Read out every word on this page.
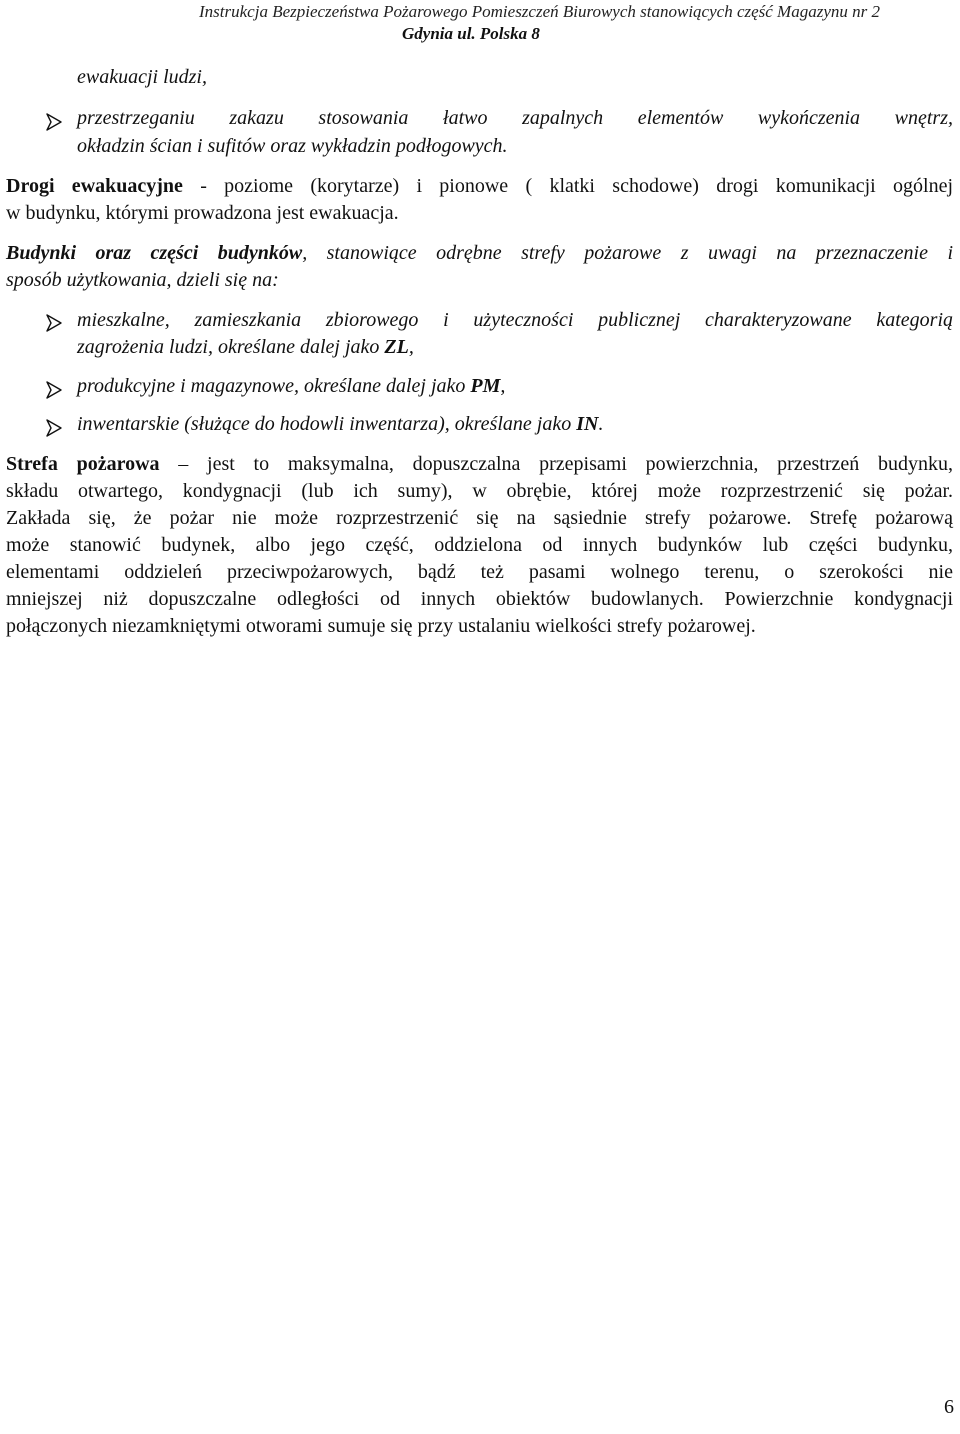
Instrukcja Bezpieczeństwa Pożarowego Pomieszczeń Biurowych stanowiących część Magazynu nr 2
Gdynia ul. Polska 8
ewakuacji ludzi,
przestrzeganiu zakazu stosowania łatwo zapalnych elementów wykończenia wnętrz,
okładzin ścian i sufitów oraz wykładzin podłogowych.
Drogi ewakuacyjne - poziome (korytarze) i pionowe ( klatki schodowe) drogi komunikacji ogólnej
w budynku, którymi prowadzona jest ewakuacja.
Budynki oraz części budynków, stanowiące odrębne strefy pożarowe z uwagi na przeznaczenie i
sposób użytkowania, dzieli się na:
mieszkalne, zamieszkania zbiorowego i użyteczności publicznej charakteryzowane kategorią
zagrożenia ludzi, określane dalej jako ZL,
produkcyjne i magazynowe, określane dalej jako PM,
inwentarskie (służące do hodowli inwentarza), określane jako IN.
Strefa pożarowa – jest to maksymalna, dopuszczalna przepisami powierzchnia, przestrzeń budynku,
składu otwartego, kondygnacji (lub ich sumy), w obrębie, której może rozprzestrzenić się pożar.
Zakłada się, że pożar nie może rozprzestrzenić się na sąsiednie strefy pożarowe. Strefę pożarową
może stanowić budynek, albo jego część, oddzielona od innych budynków lub części budynku,
elementami oddzieleń przeciwpożarowych, bądź też pasami wolnego terenu, o szerokości nie
mniejszej niż dopuszczalne odległości od innych obiektów budowlanych. Powierzchnie kondygnacji
połączonych niezamkniętymi otworami sumuje się przy ustalaniu wielkości strefy pożarowej.
6
